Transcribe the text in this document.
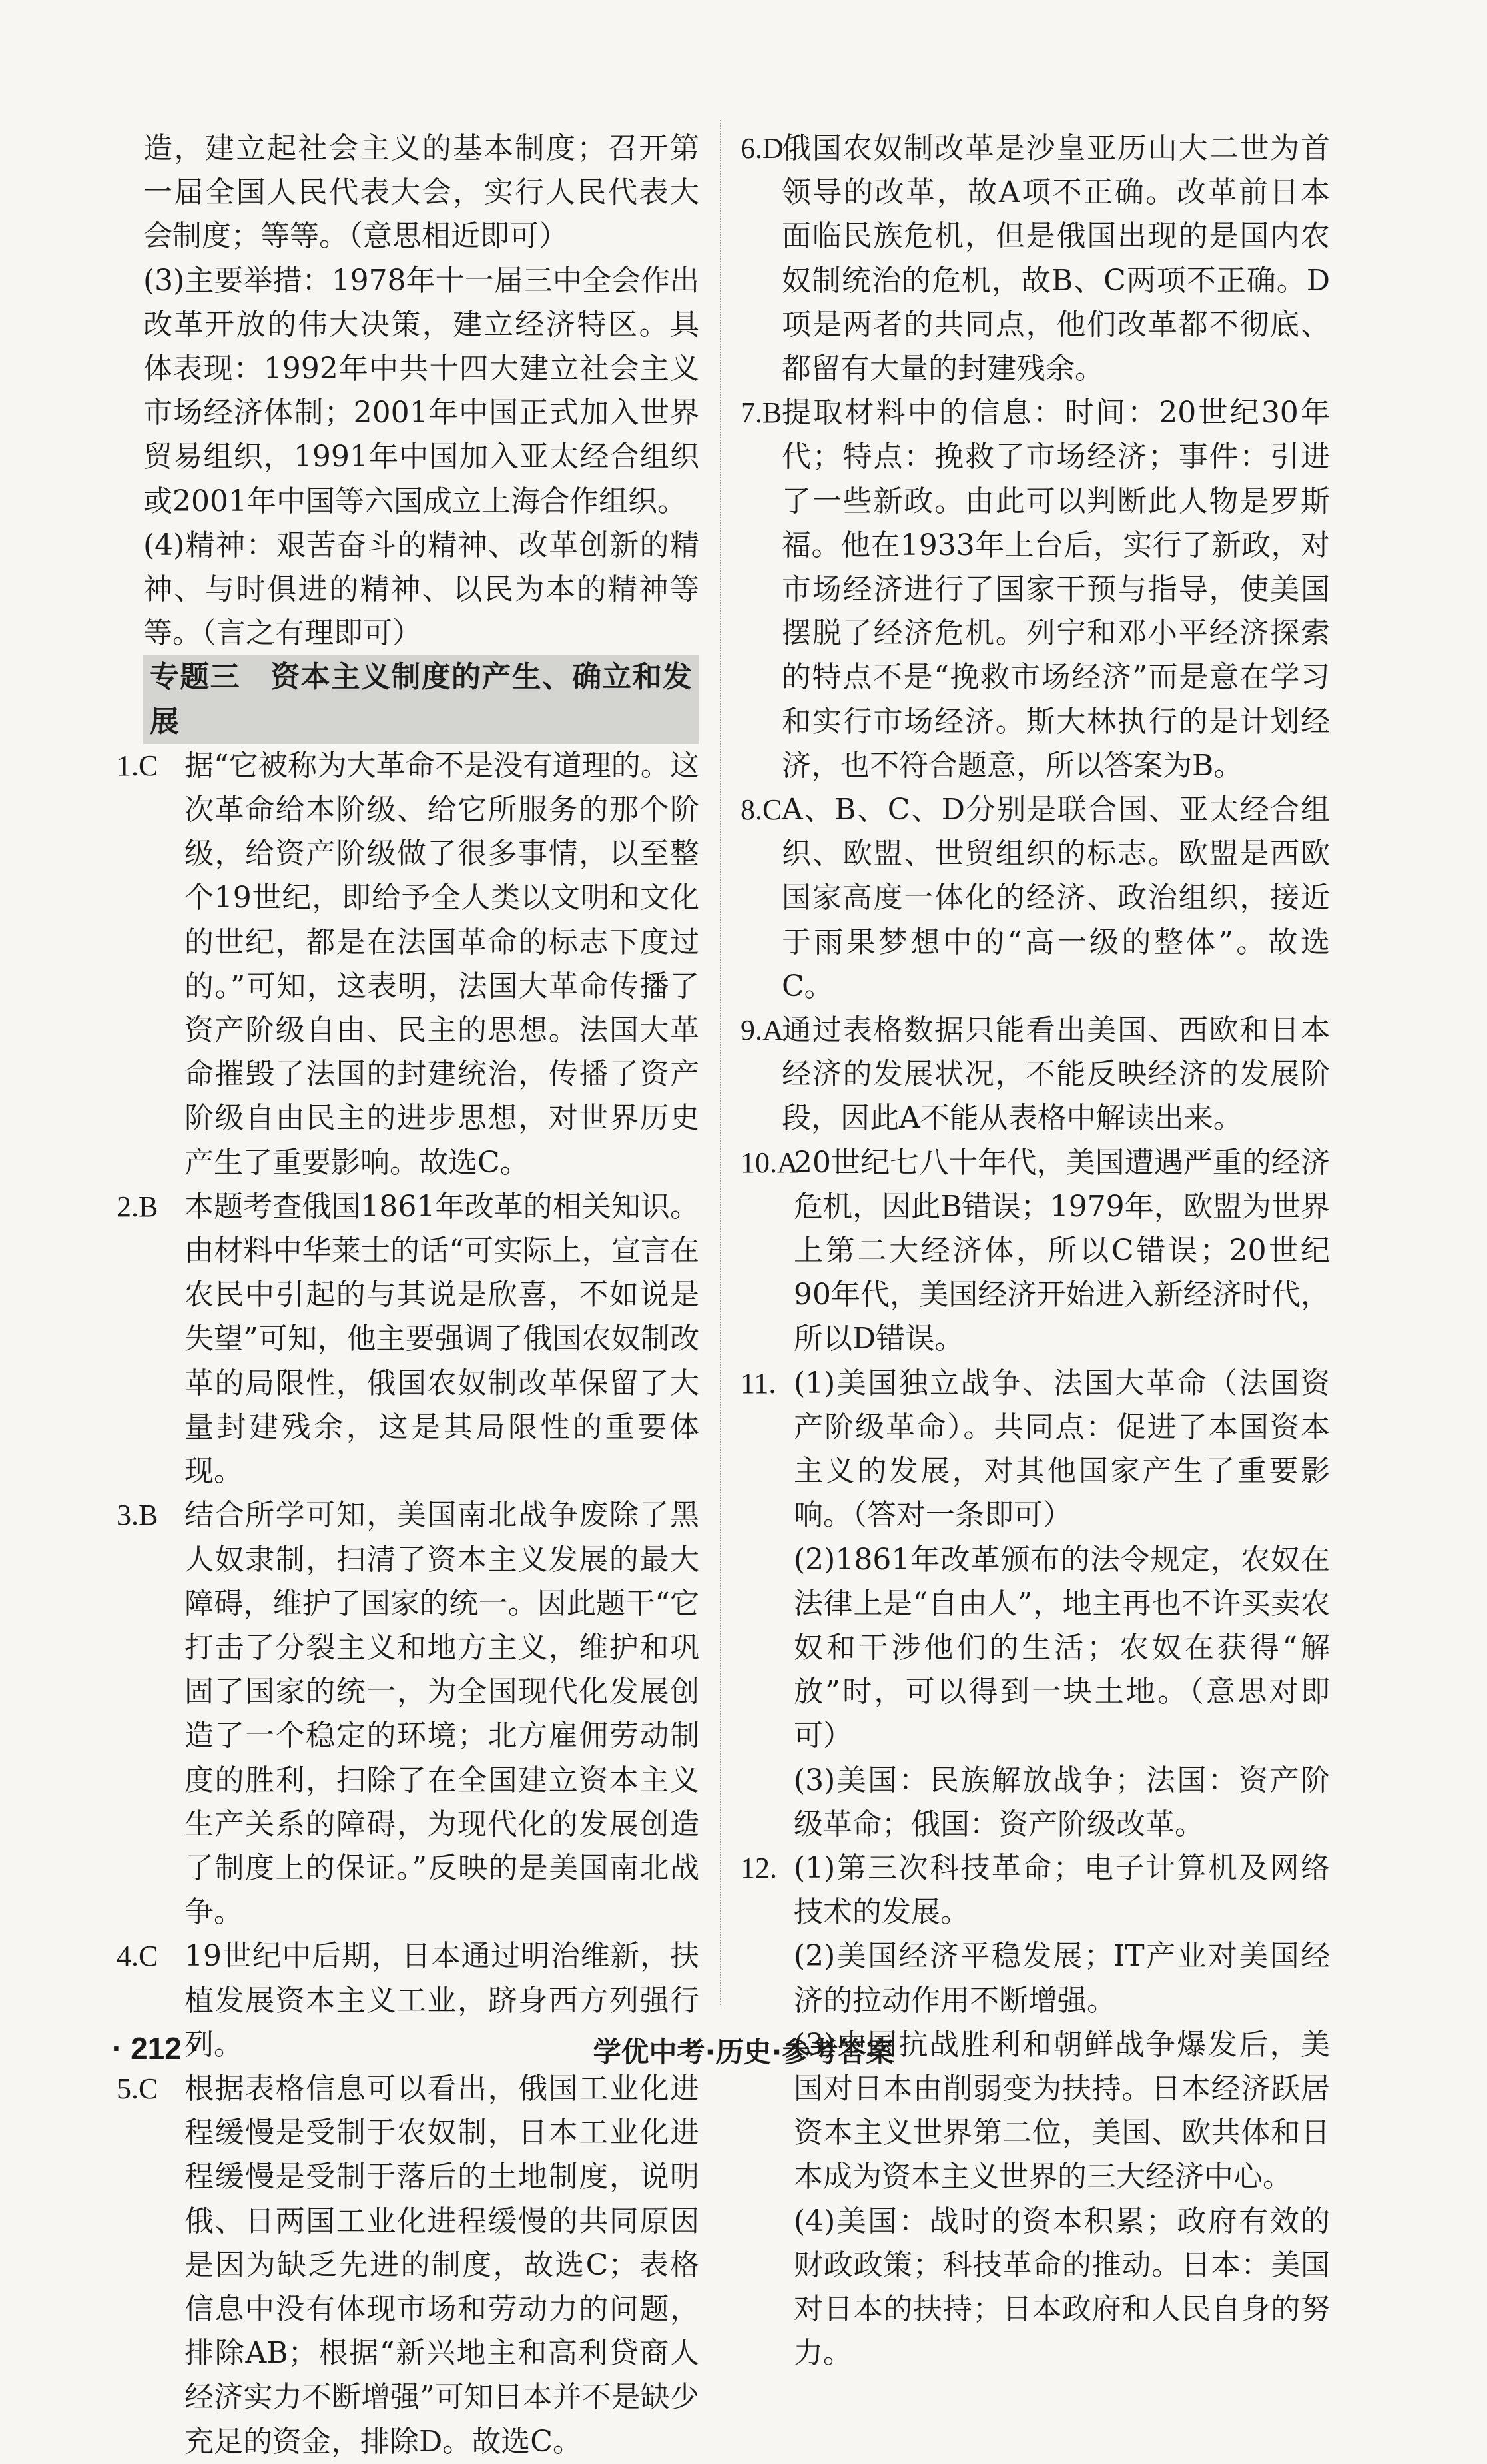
造，建立起社会主义的基本制度；召开第一届全国人民代表大会，实行人民代表大会制度；等等。（意思相近即可）
(3)主要举措：1978年十一届三中全会作出改革开放的伟大决策，建立经济特区。具体表现：1992年中共十四大建立社会主义市场经济体制；2001年中国正式加入世界贸易组织，1991年中国加入亚太经合组织或2001年中国等六国成立上海合作组织。
(4)精神：艰苦奋斗的精神、改革创新的精神、与时俱进的精神、以民为本的精神等等。（言之有理即可）
专题三　资本主义制度的产生、确立和发展
1.C 据“它被称为大革命不是没有道理的。这次革命给本阶级、给它所服务的那个阶级，给资产阶级做了很多事情，以至整个19世纪，即给予全人类以文明和文化的世纪，都是在法国革命的标志下度过的。”可知，这表明，法国大革命传播了资产阶级自由、民主的思想。法国大革命摧毁了法国的封建统治，传播了资产阶级自由民主的进步思想，对世界历史产生了重要影响。故选C。
2.B 本题考查俄国1861年改革的相关知识。由材料中华莱士的话“可实际上，宣言在农民中引起的与其说是欣喜，不如说是失望”可知，他主要强调了俄国农奴制改革的局限性，俄国农奴制改革保留了大量封建残余，这是其局限性的重要体现。
3.B 结合所学可知，美国南北战争废除了黑人奴隶制，扫清了资本主义发展的最大障碍，维护了国家的统一。因此题干“它打击了分裂主义和地方主义，维护和巩固了国家的统一，为全国现代化发展创造了一个稳定的环境；北方雇佣劳动制度的胜利，扫除了在全国建立资本主义生产关系的障碍，为现代化的发展创造了制度上的保证。”反映的是美国南北战争。
4.C 19世纪中后期，日本通过明治维新，扶植发展资本主义工业，跻身西方列强行列。
5.C 根据表格信息可以看出，俄国工业化进程缓慢是受制于农奴制，日本工业化进程缓慢是受制于落后的土地制度，说明俄、日两国工业化进程缓慢的共同原因是因为缺乏先进的制度，故选C；表格信息中没有体现市场和劳动力的问题，排除AB；根据“新兴地主和高利贷商人经济实力不断增强”可知日本并不是缺少充足的资金，排除D。故选C。
6.D
俄国农奴制改革是沙皇亚历山大二世为首领导的改革，故A项不正确。改革前日本面临民族危机，但是俄国出现的是国内农奴制统治的危机，故B、C两项不正确。D项是两者的共同点，他们改革都不彻底、都留有大量的封建残余。
7.B 提取材料中的信息：时间：20世纪30年代；特点：挽救了市场经济；事件：引进了一些新政。由此可以判断此人物是罗斯福。他在1933年上台后，实行了新政，对市场经济进行了国家干预与指导，使美国摆脱了经济危机。列宁和邓小平经济探索的特点不是“挽救市场经济”而是意在学习和实行市场经济。斯大林执行的是计划经济，也不符合题意，所以答案为B。
8.C A、B、C、D分别是联合国、亚太经合组织、欧盟、世贸组织的标志。欧盟是西欧国家高度一体化的经济、政治组织，接近于雨果梦想中的“高一级的整体”。故选C。
9.A
通过表格数据只能看出美国、西欧和日本经济的发展状况，不能反映经济的发展阶段，因此A不能从表格中解读出来。
10.A
20世纪七八十年代，美国遭遇严重的经济危机，因此B错误；1979年，欧盟为世界上第二大经济体，所以C错误；20世纪90年代，美国经济开始进入新经济时代，所以D错误。
11. (1)美国独立战争、法国大革命（法国资产阶级革命）。共同点：促进了本国资本主义的发展，对其他国家产生了重要影响。（答对一条即可）
(2)1861年改革颁布的法令规定，农奴在法律上是“自由人”，地主再也不许买卖农奴和干涉他们的生活；农奴在获得“解放”时，可以得到一块土地。（意思对即可）
(3)美国：民族解放战争；法国：资产阶级革命；俄国：资产阶级改革。
12. (1)第三次科技革命；电子计算机及网络技术的发展。
(2)美国经济平稳发展；IT产业对美国经济的拉动作用不断增强。
(3)中国抗战胜利和朝鲜战争爆发后，美国对日本由削弱变为扶持。日本经济跃居资本主义世界第二位，美国、欧共体和日本成为资本主义世界的三大经济中心。
(4)美国：战时的资本积累；政府有效的财政政策；科技革命的推动。日本：美国对日本的扶持；日本政府和人民自身的努力。
· 212 ·	学优中考·历史·参考答案
